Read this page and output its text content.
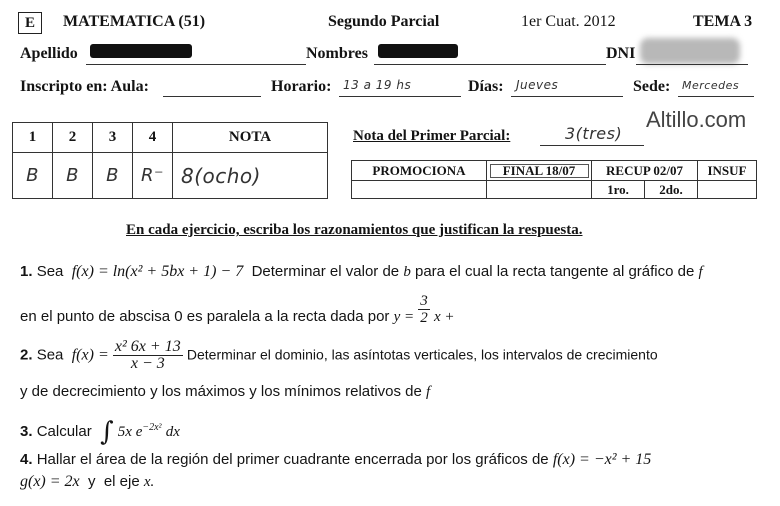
E	MATEMATICA (51)	Segundo Parcial	1er Cuat. 2012	TEMA 3
Apellido	Nombres	DNI
Inscripto en: Aula:	Horario: 13 a 19 hs	Días: Jueves	Sede: Mercedes
Altillo.com
1	2	3	4	NOTA
B	B	B	R⁻	8(ocho)
Nota del Primer Parcial:	3(tres)
PROMOCIONA	FINAL 18/07	RECUP 02/07		INSUF
		1ro.	2do.	
En cada ejercicio, escriba los razonamientos que justifican la respuesta.
1. Sea f(x) = ln(x² + 5bx + 1) − 7 Determinar el valor de b para el cual la recta tangente al gráfico de f
en el punto de abscisa 0 es paralela a la recta dada por $y = \frac{3}{2}$ x +
2. Sea $f(x) = \frac{\text{x² 6x + 13}}{x - 3}$ Determinar el dominio, las asíntotas verticales, los intervalos de crecimiento
y de decrecimiento y los máximos y los mínimos relativos de f
3. Calcular ∫ 5x $e^{-2x^2}$ dx
4. Hallar el área de la región del primer cuadrante encerrada por los gráficos de f(x) = −x² + 15
g(x) = 2x y el eje x.
